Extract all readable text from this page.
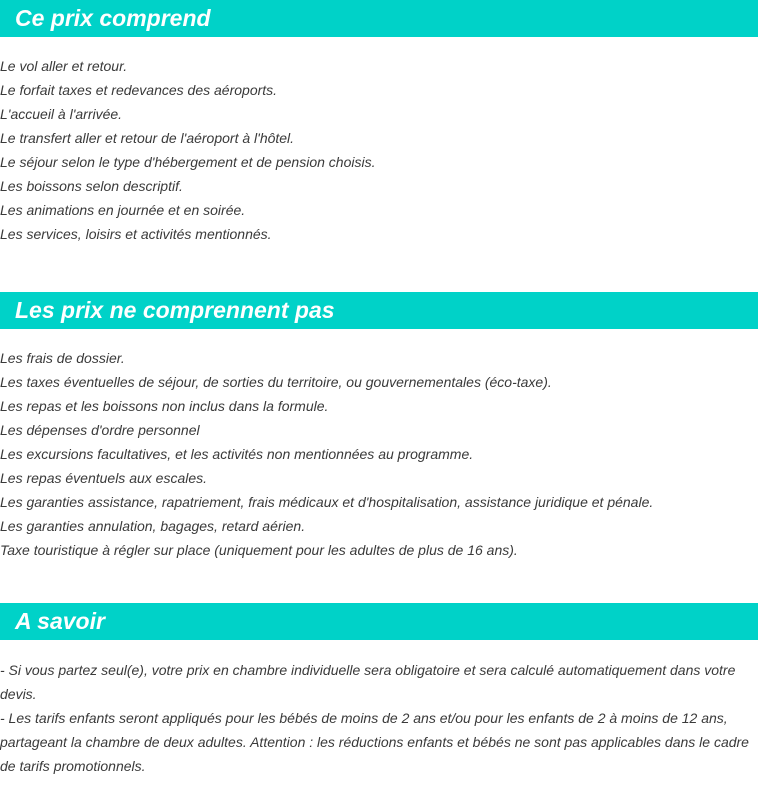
Ce prix comprend
Le vol aller et retour.
Le forfait taxes et redevances des aéroports.
L'accueil à l'arrivée.
Le transfert aller et retour de l'aéroport à l'hôtel.
Le séjour selon le type d'hébergement et de pension choisis.
Les boissons selon descriptif.
Les animations en journée et en soirée.
Les services, loisirs et activités mentionnés.
Les prix ne comprennent pas
Les frais de dossier.
Les taxes éventuelles de séjour, de sorties du territoire, ou gouvernementales (éco-taxe).
Les repas et les boissons non inclus dans la formule.
Les dépenses d'ordre personnel
Les excursions facultatives, et les activités non mentionnées au programme.
Les repas éventuels aux escales.
Les garanties assistance, rapatriement, frais médicaux et d'hospitalisation, assistance juridique et pénale.
Les garanties annulation, bagages, retard aérien.
Taxe touristique à régler sur place (uniquement pour les adultes de plus de 16 ans).
A savoir

- Si vous partez seul(e), votre prix en chambre individuelle sera obligatoire et sera calculé automatiquement dans votre devis.

- Les tarifs enfants seront appliqués pour les bébés de moins de 2 ans et/ou pour les enfants de 2 à moins de 12 ans, partageant la chambre de deux adultes. Attention : les réductions enfants et bébés ne sont pas applicables dans le cadre de tarifs promotionnels.
